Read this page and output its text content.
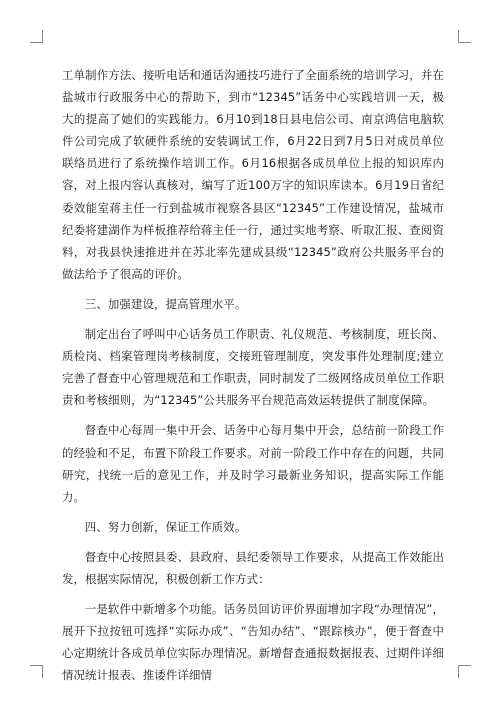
工单制作方法、接听电话和通话沟通技巧进行了全面系统的培训学习，并在盐城市行政服务中心的帮助下，到市“12345”话务中心实践培训一天，极大的提高了她们的实践能力。6月10到18日县电信公司、南京鸿信电脑软件公司完成了软硬件系统的安装调试工作，6月22日到7月5日对成员单位联络员进行了系统操作培训工作。6月16根据各成员单位上报的知识库内容，对上报内容认真核对，编写了近100万字的知识库读本。6月19日省纪委效能室蒋主任一行到盐城市视察各县区“12345”工作建设情况，盐城市纪委将建湖作为样板推荐给蒋主任一行，通过实地考察、听取汇报、查阅资料，对我县快速推进并在苏北率先建成县级“12345”政府公共服务平台的做法给予了很高的评价。

三、加强建设，提高管理水平。

制定出台了呼叫中心话务员工作职责、礼仪规范、考核制度，班长岗、质检岗、档案管理岗考核制度，交接班管理制度，突发事件处理制度;建立完善了督查中心管理规范和工作职责，同时制发了二级网络成员单位工作职责和考核细则，为“12345”公共服务平台规范高效运转提供了制度保障。

督查中心每周一集中开会、话务中心每月集中开会，总结前一阶段工作的经验和不足，布置下阶段工作要求。对前一阶段工作中存在的问题，共同研究，找统一后的意见工作，并及时学习最新业务知识，提高实际工作能力。

四、努力创新，保证工作质效。

督查中心按照县委、县政府、县纪委领导工作要求，从提高工作效能出发，根据实际情况，积极创新工作方式：

一是软件中新增多个功能。话务员回访评价界面增加字段“办理情况”，展开下拉按钮可选择“实际办成”、“告知办结”、“跟踪核办”，便于督查中心定期统计各成员单位实际办理情况。新增督查通报数据报表、过期件详细情况统计报表、推诿件详细情
